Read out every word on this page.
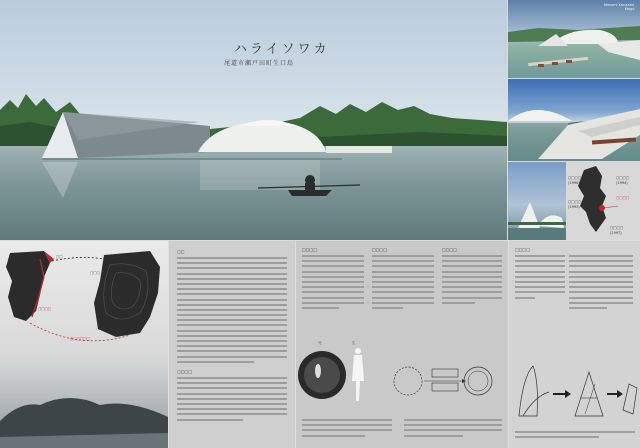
ハライソワカ
尾道市瀬戸田町生口島
Masami Kanazaki
Keigo
□□□□
(1990)
□□□□
(1993)
□□□□
(1994)
□□□□
□□□□
(1997)
□□
□□□
□□□□
□□□□□□
□□
□□□□
□□□□	□□□□	□□□□
生
死
□□□□
